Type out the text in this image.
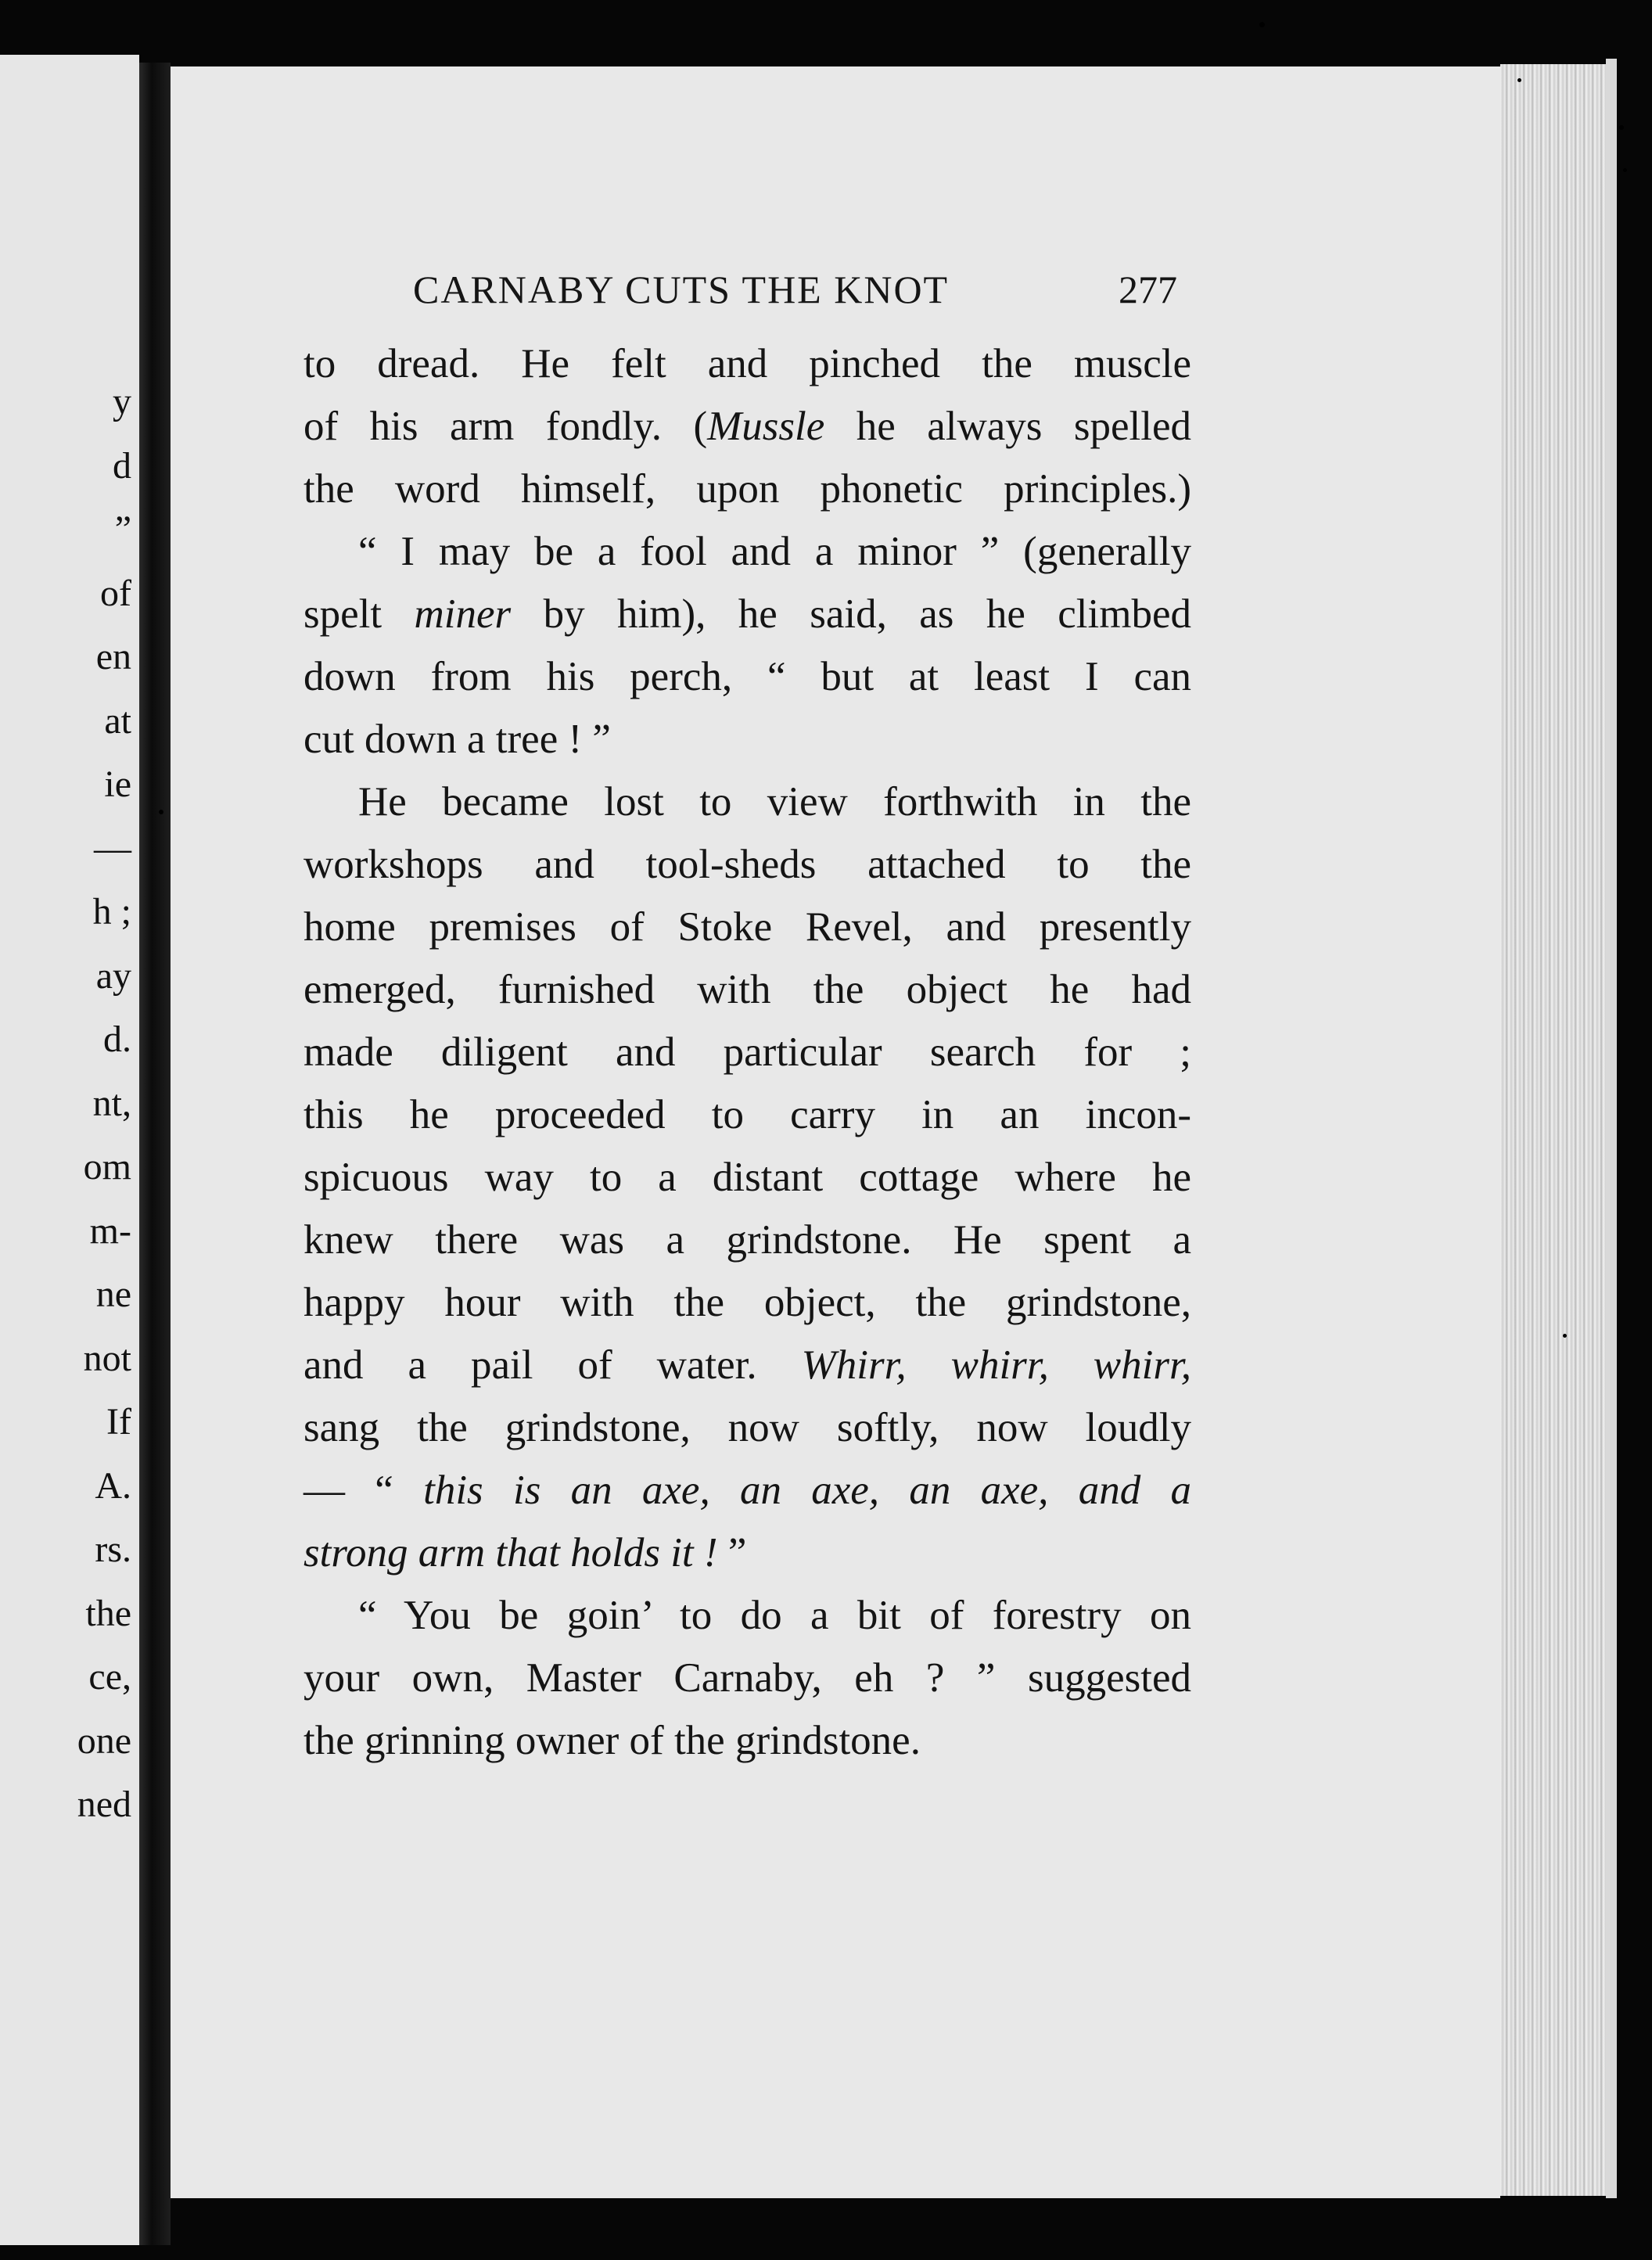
y
d
”
of
en
at
ie
—
h ;
ay
d.
nt,
om
m-
ne
not
If
A.
rs.
the
ce,
one
ned
CARNABY CUTS THE KNOT	277
to dread. He felt and pinched the muscle
of his arm fondly. (Mussle he always spelled
the word himself, upon phonetic principles.)
“ I may be a fool and a minor ” (generally
spelt miner by him), he said, as he climbed
down from his perch, “ but at least I can
cut down a tree ! ”
He became lost to view forthwith in the
workshops and tool-sheds attached to the
home premises of Stoke Revel, and presently
emerged, furnished with the object he had
made diligent and particular search for ;
this he proceeded to carry in an incon-
spicuous way to a distant cottage where he
knew there was a grindstone. He spent a
happy hour with the object, the grindstone,
and a pail of water. Whirr, whirr, whirr,
sang the grindstone, now softly, now loudly
— “ this is an axe, an axe, an axe, and a
strong arm that holds it ! ”
“ You be goin’ to do a bit of forestry on
your own, Master Carnaby, eh ? ” suggested
the grinning owner of the grindstone.
